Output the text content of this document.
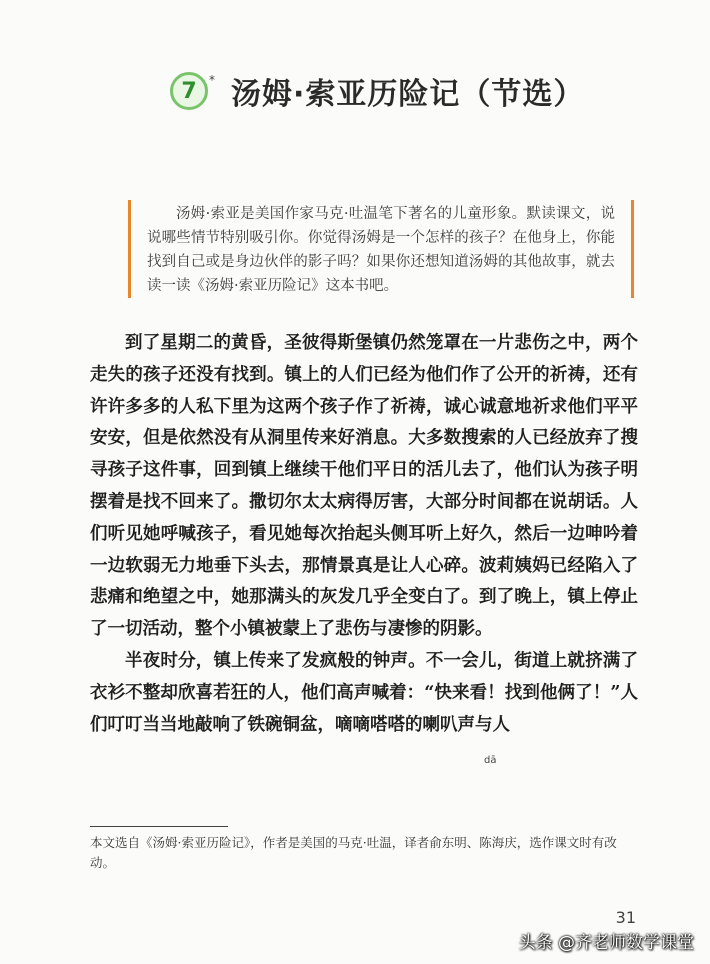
7	* 汤姆·索亚历险记（节选）

汤姆·索亚是美国作家马克·吐温笔下著名的儿童形象。默读课文，说说哪些情节特别吸引你。你觉得汤姆是一个怎样的孩子？在他身上，你能找到自己或是身边伙伴的影子吗？如果你还想知道汤姆的其他故事，就去读一读《汤姆·索亚历险记》这本书吧。

到了星期二的黄昏，圣彼得斯堡镇仍然笼罩在一片悲伤之中，两个走失的孩子还没有找到。镇上的人们已经为他们作了公开的祈祷，还有许许多多的人私下里为这两个孩子作了祈祷，诚心诚意地祈求他们平平安安，但是依然没有从洞里传来好消息。大多数搜索的人已经放弃了搜寻孩子这件事，回到镇上继续干他们平日的活儿去了，他们认为孩子明摆着是找不回来了。撒切尔太太病得厉害，大部分时间都在说胡话。人们听见她呼喊孩子，看见她每次抬起头侧耳听上好久，然后一边呻吟着一边软弱无力地垂下头去，那情景真是让人心碎。波莉姨妈已经陷入了悲痛和绝望之中，她那满头的灰发几乎全变白了。到了晚上，镇上停止了一切活动，整个小镇被蒙上了悲伤与凄惨的阴影。

半夜时分，镇上传来了发疯般的钟声。不一会儿，街道上就挤满了衣衫不整却欣喜若狂的人，他们高声喊着：“快来看！找到他俩了！”人们叮叮当当地敲响了铁碗铜盆，嘀嘀嗒嗒的喇叭声与人

dā

本文选自《汤姆·索亚历险记》，作者是美国的马克·吐温，译者俞东明、陈海庆，选作课文时有改动。

31
头条 @齐老师数学课堂
